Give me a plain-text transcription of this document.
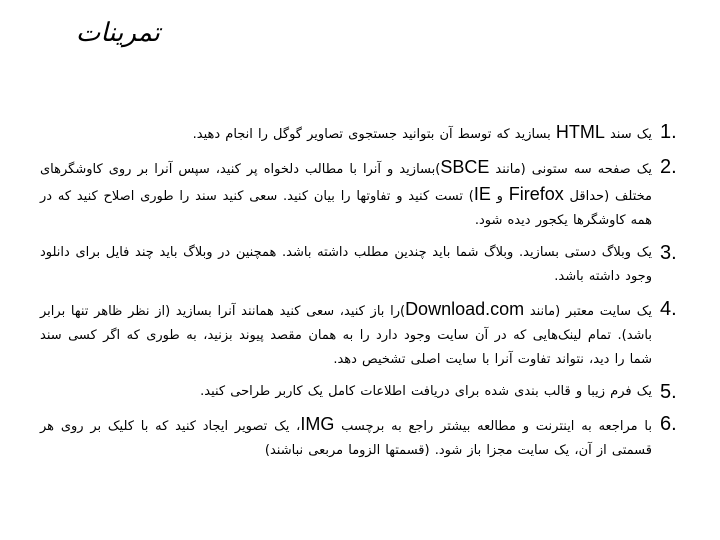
تمرینات
1.
یک سند HTML بسازید که توسط آن بتوانید جستجوی تصاویر گوگل را انجام دهید.
2.
یک صفحه سه ستونی (مانند SBCE)بسازید و آنرا با مطالب دلخواه پر کنید، سپس آنرا بر روی کاوشگرهای مختلف (حداقل Firefox و IE) تست کنید و تفاوتها را بیان کنید. سعی کنید سند را طوری اصلاح کنید که در همه کاوشگرها یکجور دیده شود.
3.
یک وبلاگ دستی بسازید. وبلاگ شما باید چندین مطلب داشته باشد. همچنین در وبلاگ باید چند فایل برای دانلود وجود داشته باشد.
4.
یک سایت معتبر (مانند Download.com)را باز کنید، سعی کنید همانند آنرا بسازید (از نظر ظاهر تنها برابر باشد). تمام لینک‌هایی که در آن سایت وجود دارد را به همان مقصد پیوند بزنید، به طوری که اگر کسی سند شما را دید، نتواند تفاوت آنرا با سایت اصلی تشخیص دهد.
5.
یک فرم زیبا و قالب بندی شده برای دریافت اطلاعات کامل یک کاربر طراحی کنید.
6.
با مراجعه به اینترنت و مطالعه بیشتر راجع به برچسب IMG، یک تصویر ایجاد کنید که با کلیک بر روی هر قسمتی از آن، یک سایت مجزا باز شود. (قسمتها الزوما مربعی نباشند)
